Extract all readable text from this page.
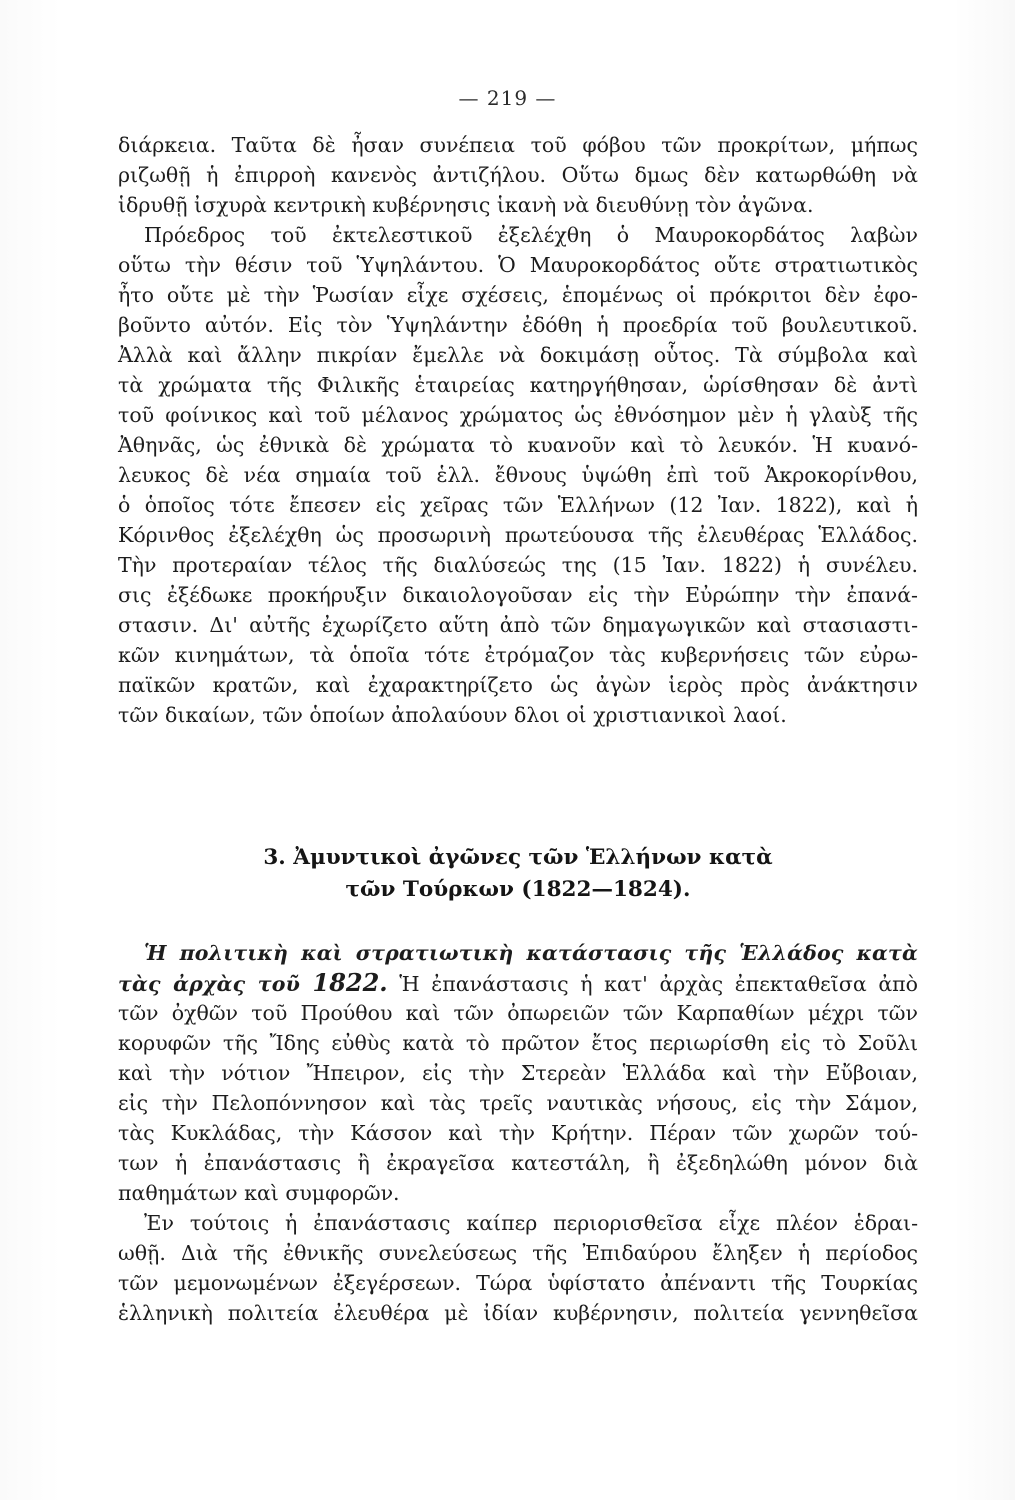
— 219 —
διάρκεια. Ταῦτα δὲ ἦσαν συνέπεια τοῦ φόβου τῶν προκρίτων, μήπως
ριζωθῇ ἡ ἐπιρροὴ κανενὸς ἀντιζήλου. Οὕτω δμως δὲν κατωρθώθη νὰ
ἱδρυθῇ ἰσχυρὰ κεντρικὴ κυβέρνησις ἱκανὴ νὰ διευθύνῃ τὸν ἀγῶνα.
Πρόεδρος τοῦ ἐκτελεστικοῦ ἐξελέχθη ὁ Μαυροκορδάτος λαβὼν
οὕτω τὴν θέσιν τοῦ Ὑψηλάντου. Ὁ Μαυροκορδάτος οὔτε στρατιωτικὸς
ἦτο οὔτε μὲ τὴν Ῥωσίαν εἶχε σχέσεις, ἑπομένως οἱ πρόκριτοι δὲν ἐφο-
βοῦντο αὐτόν. Εἰς τὸν Ὑψηλάντην ἐδόθη ἡ προεδρία τοῦ βουλευτικοῦ.
Ἀλλὰ καὶ ἄλλην πικρίαν ἔμελλε νὰ δοκιμάσῃ οὗτος. Τὰ σύμβολα καὶ
τὰ χρώματα τῆς Φιλικῆς ἑταιρείας κατηργήθησαν, ὡρίσθησαν δὲ ἀντὶ
τοῦ φοίνικος καὶ τοῦ μέλανος χρώματος ὡς ἐθνόσημον μὲν ἡ γλαὺξ τῆς
Ἀθηνᾶς, ὡς ἐθνικὰ δὲ χρώματα τὸ κυανοῦν καὶ τὸ λευκόν. Ἡ κυανό-
λευκος δὲ νέα σημαία τοῦ ἑλλ. ἔθνους ὑψώθη ἐπὶ τοῦ Ἀκροκορίνθου,
ὁ ὁποῖος τότε ἔπεσεν εἰς χεῖρας τῶν Ἑλλήνων (12 Ἰαν. 1822), καὶ ἡ
Κόρινθος ἐξελέχθη ὡς προσωρινὴ πρωτεύουσα τῆς ἐλευθέρας Ἑλλάδος.
Τὴν προτεραίαν τέλος τῆς διαλύσεώς της (15 Ἰαν. 1822) ἡ συνέλευ.
σις ἐξέδωκε προκήρυξιν δικαιολογοῦσαν εἰς τὴν Εὐρώπην τὴν ἐπανά-
στασιν. Δι' αὐτῆς ἐχωρίζετο αὕτη ἀπὸ τῶν δημαγωγικῶν καὶ στασιαστι-
κῶν κινημάτων, τὰ ὁποῖα τότε ἐτρόμαζον τὰς κυβερνήσεις τῶν εὐρω-
παϊκῶν κρατῶν, καὶ ἐχαρακτηρίζετο ὡς ἀγὼν ἱερὸς πρὸς ἀνάκτησιν
τῶν δικαίων, τῶν ὁποίων ἀπολαύουν δλοι οἱ χριστιανικοὶ λαοί.
3. Ἀμυντικοὶ ἀγῶνες τῶν Ἑλλήνων κατὰ
τῶν Τούρκων (1822—1824).
Ἡ πολιτικὴ καὶ στρατιωτικὴ κατάστασις τῆς Ἑλλάδος κατὰ
τὰς ἀρχὰς τοῦ 1822. Ἡ ἐπανάστασις ἡ κατ' ἀρχὰς ἐπεκταθεῖσα ἀπὸ
τῶν ὀχθῶν τοῦ Προύθου καὶ τῶν ὀπωρειῶν τῶν Καρπαθίων μέχρι τῶν
κορυφῶν τῆς Ἴδης εὐθὺς κατὰ τὸ πρῶτον ἔτος περιωρίσθη εἰς τὸ Σοῦλι
καὶ τὴν νότιον Ἤπειρον, εἰς τὴν Στερεὰν Ἑλλάδα καὶ τὴν Εὔβοιαν,
εἰς τὴν Πελοπόννησον καὶ τὰς τρεῖς ναυτικὰς νήσους, εἰς τὴν Σάμον,
τὰς Κυκλάδας, τὴν Κάσσον καὶ τὴν Κρήτην. Πέραν τῶν χωρῶν τού-
των ἡ ἐπανάστασις ἢ ἐκραγεῖσα κατεστάλη, ἢ ἐξεδηλώθη μόνον διὰ
παθημάτων καὶ συμφορῶν.
Ἐν τούτοις ἡ ἐπανάστασις καίπερ περιορισθεῖσα εἶχε πλέον ἑδραι-
ωθῇ. Διὰ τῆς ἐθνικῆς συνελεύσεως τῆς Ἐπιδαύρου ἔληξεν ἡ περίοδος
τῶν μεμονωμένων ἐξεγέρσεων. Τώρα ὑφίστατο ἀπέναντι τῆς Τουρκίας
ἑλληνικὴ πολιτεία ἐλευθέρα μὲ ἰδίαν κυβέρνησιν, πολιτεία γεννηθεῖσα
